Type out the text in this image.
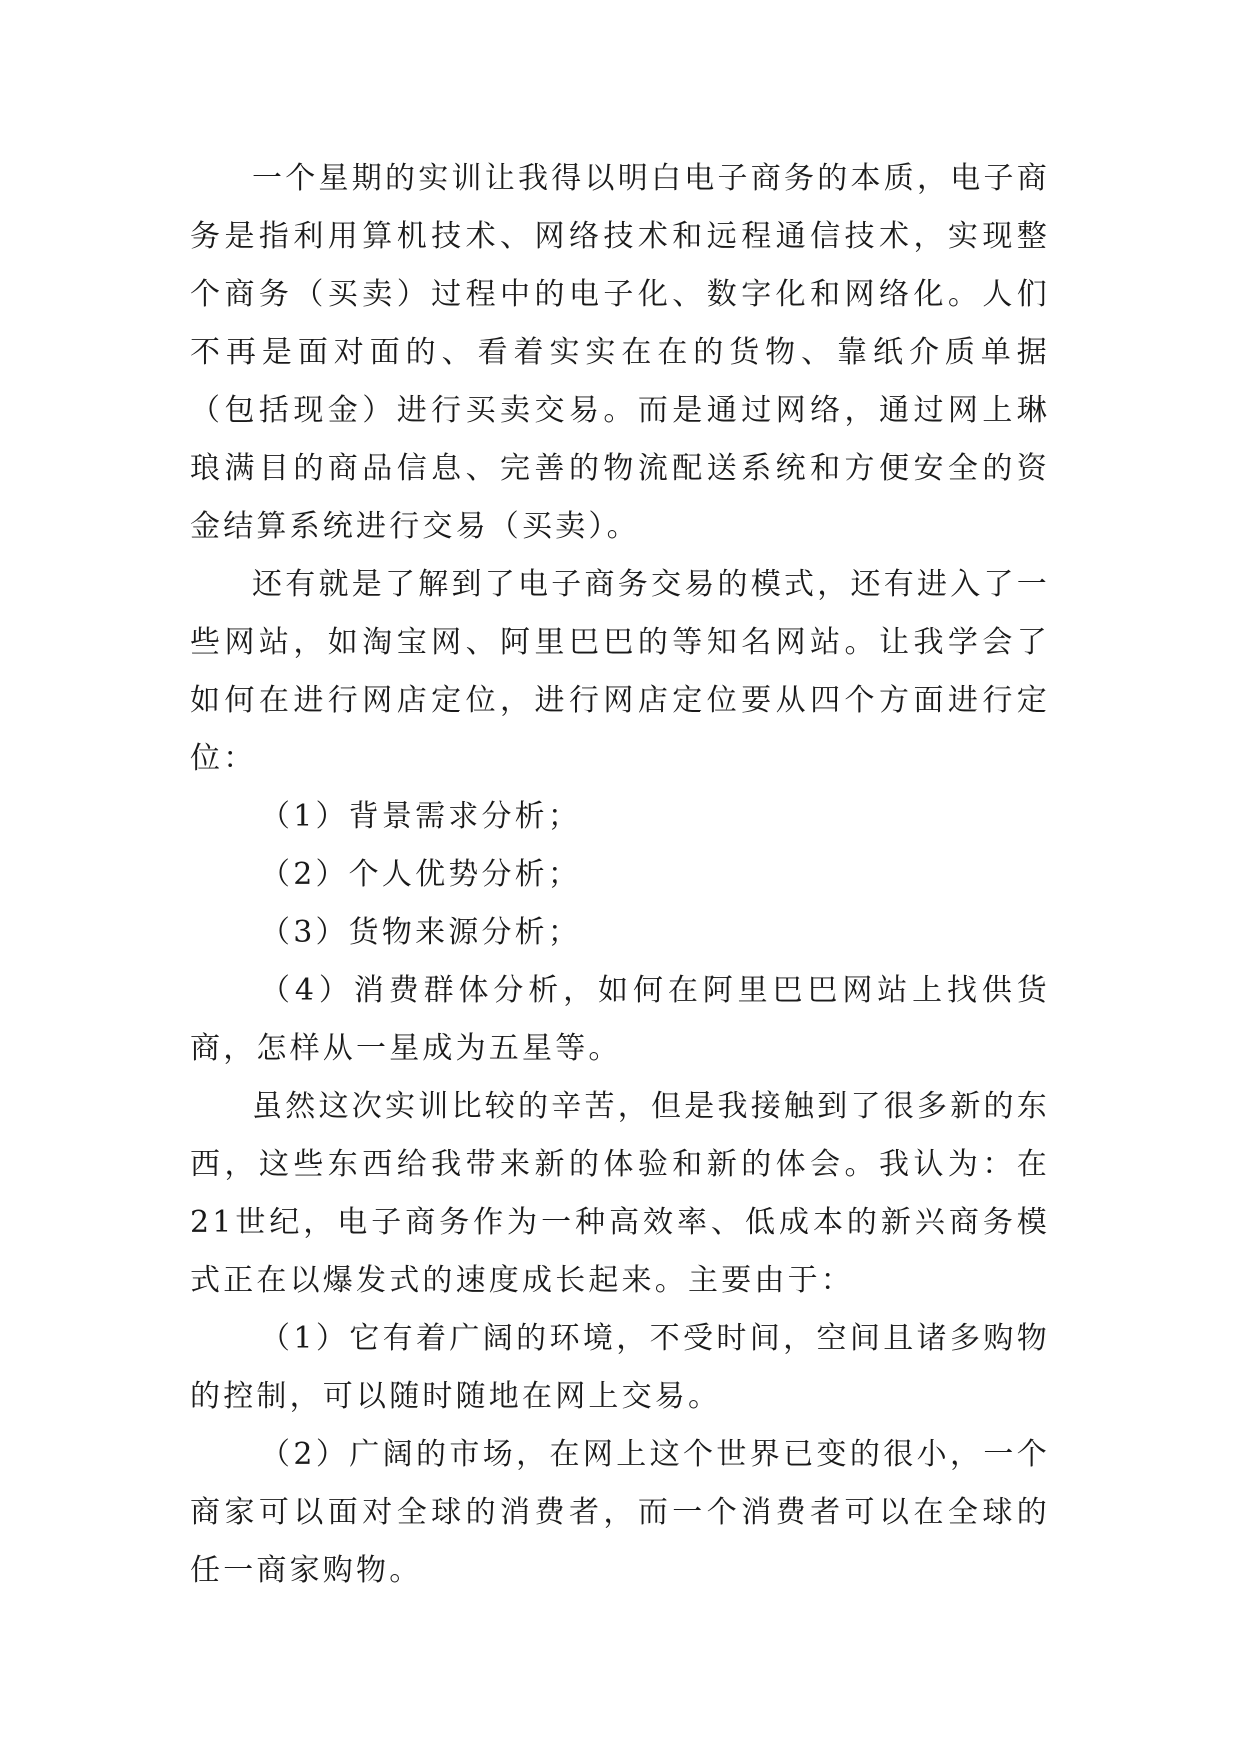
一个星期的实训让我得以明白电子商务的本质，电子商务是指利用算机技术、网络技术和远程通信技术，实现整个商务（买卖）过程中的电子化、数字化和网络化。人们不再是面对面的、看着实实在在的货物、靠纸介质单据（包括现金）进行买卖交易。而是通过网络，通过网上琳琅满目的商品信息、完善的物流配送系统和方便安全的资金结算系统进行交易（买卖）。

还有就是了解到了电子商务交易的模式，还有进入了一些网站，如淘宝网、阿里巴巴的等知名网站。让我学会了如何在进行网店定位，进行网店定位要从四个方面进行定位：

（1）背景需求分析；

（2）个人优势分析；

（3）货物来源分析；

（4）消费群体分析，如何在阿里巴巴网站上找供货商，怎样从一星成为五星等。

虽然这次实训比较的辛苦，但是我接触到了很多新的东西，这些东西给我带来新的体验和新的体会。我认为：在21世纪，电子商务作为一种高效率、低成本的新兴商务模式正在以爆发式的速度成长起来。主要由于：

（1）它有着广阔的环境，不受时间，空间且诸多购物的控制，可以随时随地在网上交易。

（2）广阔的市场，在网上这个世界已变的很小，一个商家可以面对全球的消费者，而一个消费者可以在全球的任一商家购物。
